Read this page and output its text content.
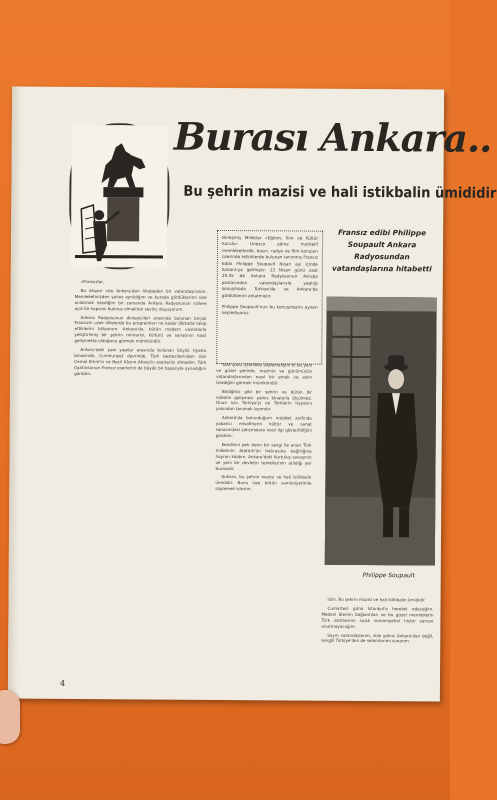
Burası Ankara..
Bu şehrin mazisi ve hali istikbalin ümididir
Fransız edibi Philippe Soupault Ankara Radyosundan vatandaşlarına hitabetti
Birleşmiş Milletler «Eğitim, İlim ve Kültür Kurulu» Unesco adına muhtelif memleketlerde, basın, radyo ve film konuları üzerinde tetkiklerde bulunan tanınmış Fransız Edibi Philippe Soupault Nisan ayı içinde Ankara'ya gelmiştir. 13 Nisan günü saat 20.45 de Ankara Radyosunun Avrupa postasından vatandaşlarıyle yaptığı konuşmada Türkiye'de ve Ankara'da gördüklerini anlatmıştır.
Philippe Soupault'nun bu konuşmasını aynen neşrediyoruz.

«Fransızlar,

Bu akşam size Ankara'dan hitabeden bir vatandaşınızım. Memleketinizden yalnız ayrıldığım ve burada gördüklerimi size anlatmak istediğim bir zamanda Ankara Radyosunun sizlere açık bir kapısını bulmuş olmaktan sevinç duyuyorum.

Ankara Radyosunun dinleyicileri arasında bulunan birçok Fransızın uzak ülkelerde bu programları ne kadar dikkatle takip ettiklerini biliyorum. Ankara'da, bütün modern vasıtalarla yetiştirilmiş bir şehrin mimarisi, kültürü ve sanatının nasıl gelişmekte olduğunu görmek mümkündür.

Ankara'daki yeni yapılar arasında bulunan büyük tiyatro binasında, Cumhuriyet devrinde, Türk bestecilerinden Ulvi Cemal Erkin'in ve Necil Kâzım Akses'in eserlerini dinledim. Türk tiyatrosunun Fransız eserlerini de büyük bir başarıyla oynadığını gördüm.

Size şunu içtenlikle söylemeliyim ki bu yeni ve güzel şehirde, mazinin ve günümüzün vatandaşlarından nasıl bir emek ve azim istediğini görmek mümkündür.

Bildiğiniz gibi bir şehrin ve bütün bir milletin gelişmesi yalnız binalarla ölçülmez. Onun için Türkiye'yi ve Türklerin hayatını yakından tanımak lazımdır.

Ankara'da bulunduğum müddet zarfında yabancı misafirlerin kültür ve sanat sahasındaki çalışmalara nasıl ilgi gösterildiğini gördüm.

Kendisini pek derin bir sevgi ile anan Türk milletinin Atatürk'ün hatırasına bağlılığına hayran kaldım. Ankara'daki Kurtuluş savaşının ve yeni bir devletin temellerinin atıldığı yer burasıdır.

Ankara, bu şehrin mazisi ve hali istikbalin ümididir. Bunu size bütün samimiyetimle söylemek isterim.

Philippe Soupault

lizin. Bu şehrin mazisi ve hali istikbalin ümididir.

Cumartesi günü İstanbul'a hareket edeceğim. Medeni âlemin bağlantıları ve bu güzel memleketin Türk dostlarının sıcak samimiyetini hiçbir zaman unutmayacağım.

Sayın vatandaşlarım, size yalnız Ankara'dan değil, sevgili Türkiye'den de selamlarımı sunarım.

4
